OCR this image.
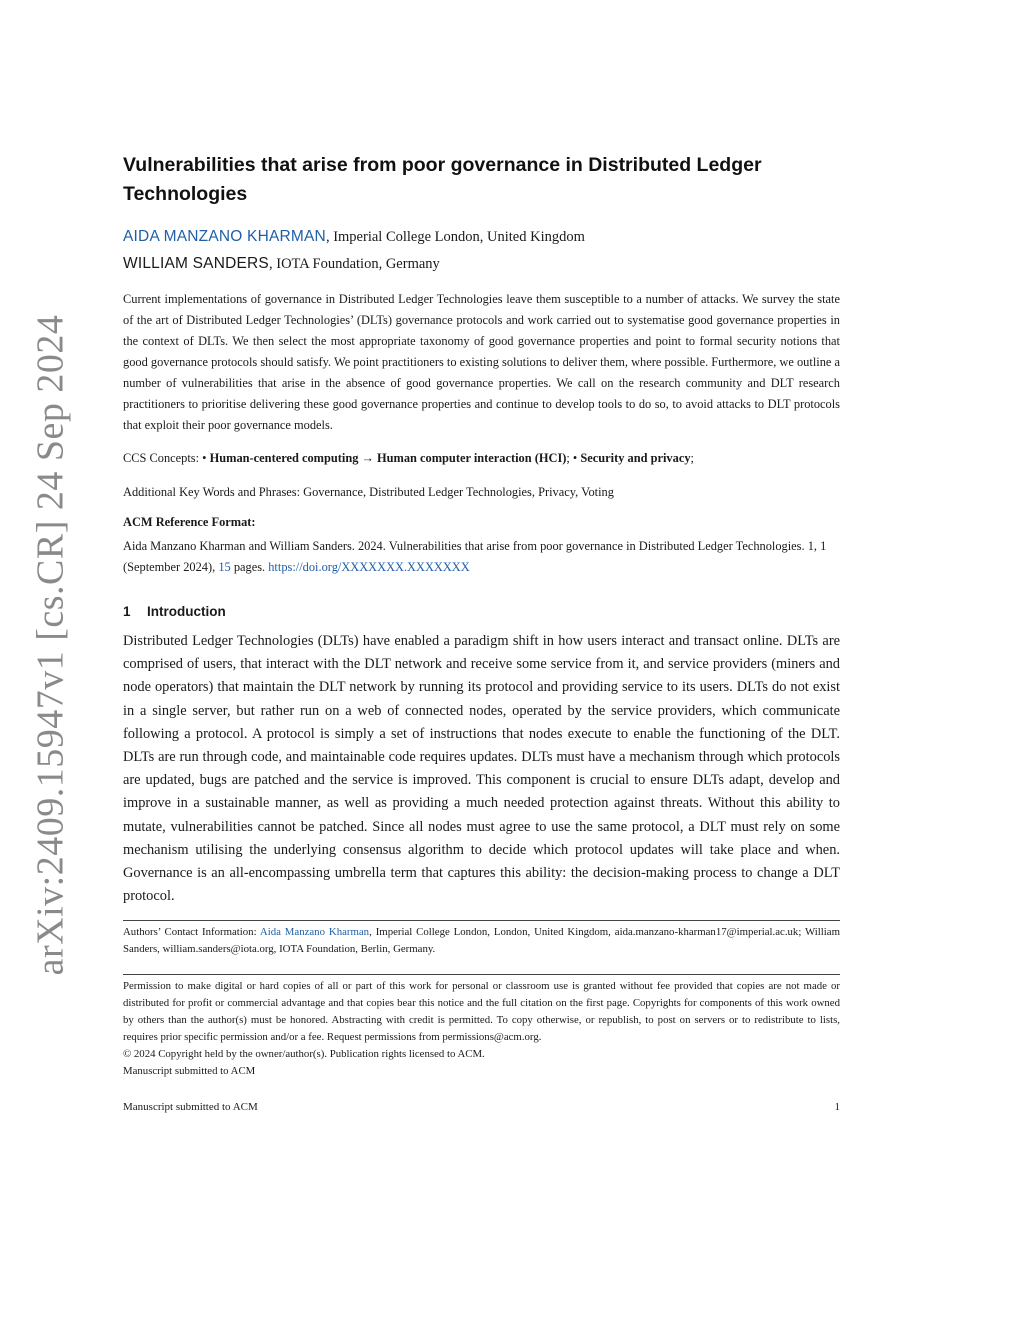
arXiv:2409.15947v1 [cs.CR] 24 Sep 2024
Vulnerabilities that arise from poor governance in Distributed Ledger Technologies
AIDA MANZANO KHARMAN, Imperial College London, United Kingdom
WILLIAM SANDERS, IOTA Foundation, Germany
Current implementations of governance in Distributed Ledger Technologies leave them susceptible to a number of attacks. We survey the state of the art of Distributed Ledger Technologies’ (DLTs) governance protocols and work carried out to systematise good governance properties in the context of DLTs. We then select the most appropriate taxonomy of good governance properties and point to formal security notions that good governance protocols should satisfy. We point practitioners to existing solutions to deliver them, where possible. Furthermore, we outline a number of vulnerabilities that arise in the absence of good governance properties. We call on the research community and DLT research practitioners to prioritise delivering these good governance properties and continue to develop tools to do so, to avoid attacks to DLT protocols that exploit their poor governance models.
CCS Concepts: • Human-centered computing → Human computer interaction (HCI); • Security and privacy;
Additional Key Words and Phrases: Governance, Distributed Ledger Technologies, Privacy, Voting
ACM Reference Format:
Aida Manzano Kharman and William Sanders. 2024. Vulnerabilities that arise from poor governance in Distributed Ledger Technologies. 1, 1 (September 2024), 15 pages. https://doi.org/XXXXXXX.XXXXXXX
1 Introduction
Distributed Ledger Technologies (DLTs) have enabled a paradigm shift in how users interact and transact online. DLTs are comprised of users, that interact with the DLT network and receive some service from it, and service providers (miners and node operators) that maintain the DLT network by running its protocol and providing service to its users. DLTs do not exist in a single server, but rather run on a web of connected nodes, operated by the service providers, which communicate following a protocol. A protocol is simply a set of instructions that nodes execute to enable the functioning of the DLT. DLTs are run through code, and maintainable code requires updates. DLTs must have a mechanism through which protocols are updated, bugs are patched and the service is improved. This component is crucial to ensure DLTs adapt, develop and improve in a sustainable manner, as well as providing a much needed protection against threats. Without this ability to mutate, vulnerabilities cannot be patched. Since all nodes must agree to use the same protocol, a DLT must rely on some mechanism utilising the underlying consensus algorithm to decide which protocol updates will take place and when. Governance is an all-encompassing umbrella term that captures this ability: the decision-making process to change a DLT protocol.
Authors’ Contact Information: Aida Manzano Kharman, Imperial College London, London, United Kingdom, aida.manzano-kharman17@imperial.ac.uk; William Sanders, william.sanders@iota.org, IOTA Foundation, Berlin, Germany.
Permission to make digital or hard copies of all or part of this work for personal or classroom use is granted without fee provided that copies are not made or distributed for profit or commercial advantage and that copies bear this notice and the full citation on the first page. Copyrights for components of this work owned by others than the author(s) must be honored. Abstracting with credit is permitted. To copy otherwise, or republish, to post on servers or to redistribute to lists, requires prior specific permission and/or a fee. Request permissions from permissions@acm.org.
© 2024 Copyright held by the owner/author(s). Publication rights licensed to ACM.
Manuscript submitted to ACM
Manuscript submitted to ACM	1
